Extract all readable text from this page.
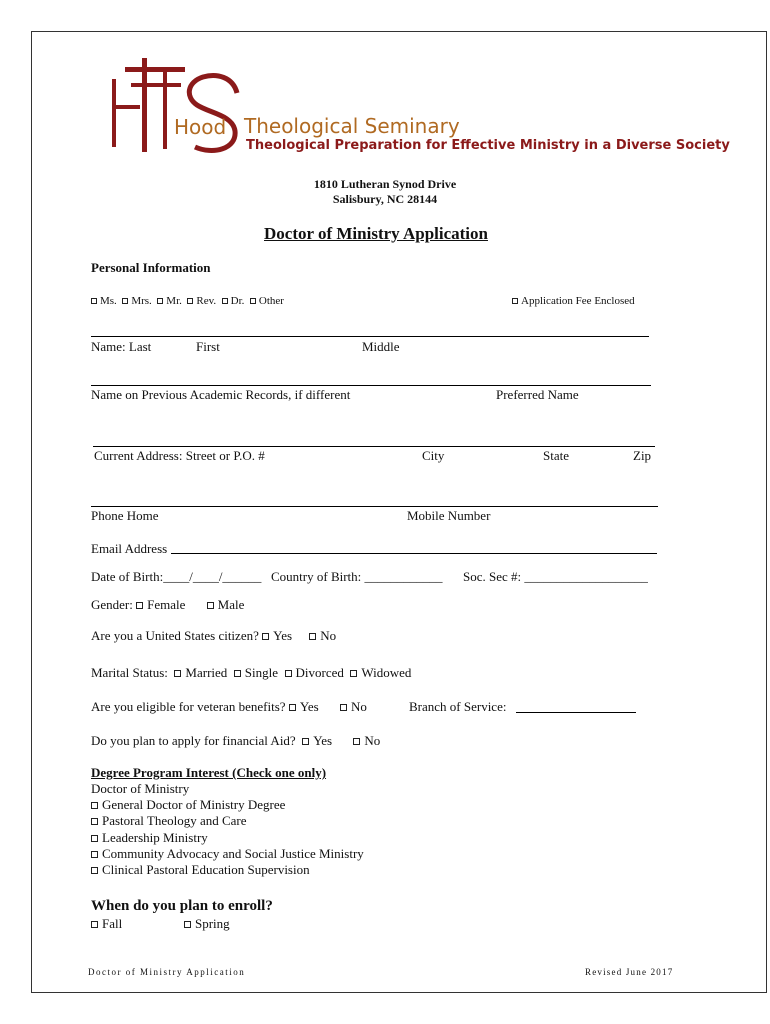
Hood Theological Seminary
Theological Preparation for Effective Ministry in a Diverse Society
1810 Lutheran Synod Drive
Salisbury, NC 28144
Doctor of Ministry Application
Personal Information
Ms. Mrs. Mr. Rev. Dr. Other	Application Fee Enclosed
Name: Last	First	Middle
Name on Previous Academic Records, if different	Preferred Name
Current Address: Street or P.O. #	City	State	Zip
Phone Home	Mobile Number
Email Address
Date of Birth:____/____/______ Country of Birth: ____________ Soc. Sec #: ___________________
Gender: Female Male
Are you a United States citizen? Yes No
Marital Status: Married Single Divorced Widowed
Are you eligible for veteran benefits? Yes No	Branch of Service:
Do you plan to apply for financial Aid? Yes No
Degree Program Interest (Check one only)
Doctor of Ministry
General Doctor of Ministry Degree
Pastoral Theology and Care
Leadership Ministry
Community Advocacy and Social Justice Ministry
Clinical Pastoral Education Supervision
When do you plan to enroll?
Fall	Spring
Doctor of Ministry Application	Revised June 2017
